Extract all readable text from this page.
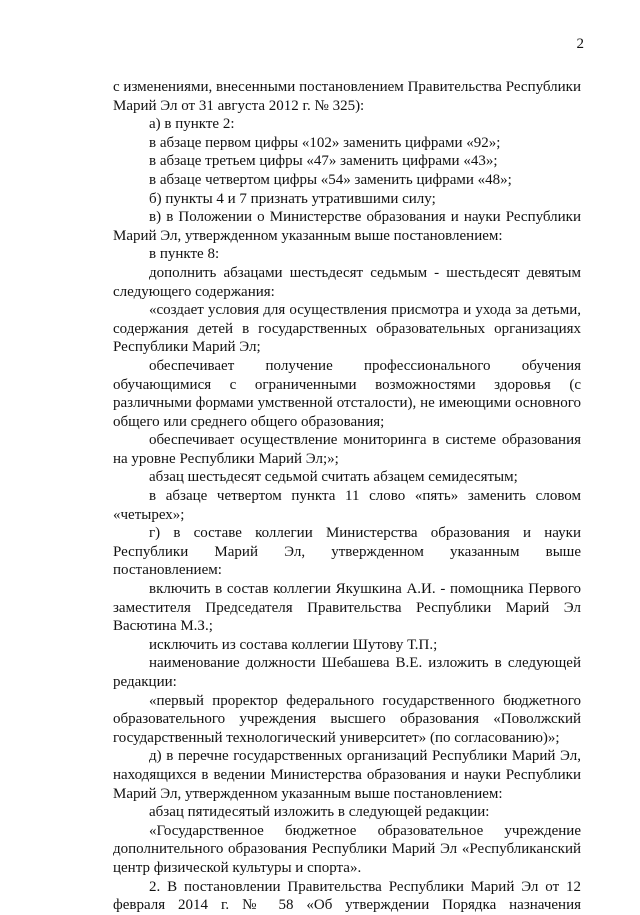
2

с изменениями, внесенными постановлением Правительства Республики Марий Эл от 31 августа 2012 г. № 325):

а) в пункте 2:

в абзаце первом цифры «102» заменить цифрами «92»;

в абзаце третьем цифры «47» заменить цифрами «43»;

в абзаце четвертом цифры «54» заменить цифрами «48»;

б) пункты 4 и 7 признать утратившими силу;

в) в Положении о Министерстве образования и науки Республики Марий Эл, утвержденном указанным выше постановлением:

в пункте 8:

дополнить абзацами шестьдесят седьмым - шестьдесят девятым следующего содержания:

«создает условия для осуществления присмотра и ухода за детьми, содержания детей в государственных образовательных организациях Республики Марий Эл;

обеспечивает получение профессионального обучения обучающимися с ограниченными возможностями здоровья (с различными формами умственной отсталости), не имеющими основного общего или среднего общего образования;

обеспечивает осуществление мониторинга в системе образования на уровне Республики Марий Эл;»;

абзац шестьдесят седьмой считать абзацем семидесятым;

в абзаце четвертом пункта 11 слово «пять» заменить словом «четырех»;

г) в составе коллегии Министерства образования и науки Республики Марий Эл, утвержденном указанным выше постановлением:

включить в состав коллегии Якушкина А.И. - помощника Первого заместителя Председателя Правительства Республики Марий Эл Васютина М.З.;

исключить из состава коллегии Шутову Т.П.;

наименование должности Шебашева В.Е. изложить в следующей редакции:

«первый проректор федерального государственного бюджетного образовательного учреждения высшего образования «Поволжский государственный технологический университет» (по согласованию)»;

д) в перечне государственных организаций Республики Марий Эл, находящихся в ведении Министерства образования и науки Республики Марий Эл, утвержденном указанным выше постановлением:

абзац пятидесятый изложить в следующей редакции:

«Государственное бюджетное образовательное учреждение дополнительного образования Республики Марий Эл «Республиканский центр физической культуры и спорта».

2. В постановлении Правительства Республики Марий Эл от 12 февраля 2014 г. № 58 «Об утверждении Порядка назначения
